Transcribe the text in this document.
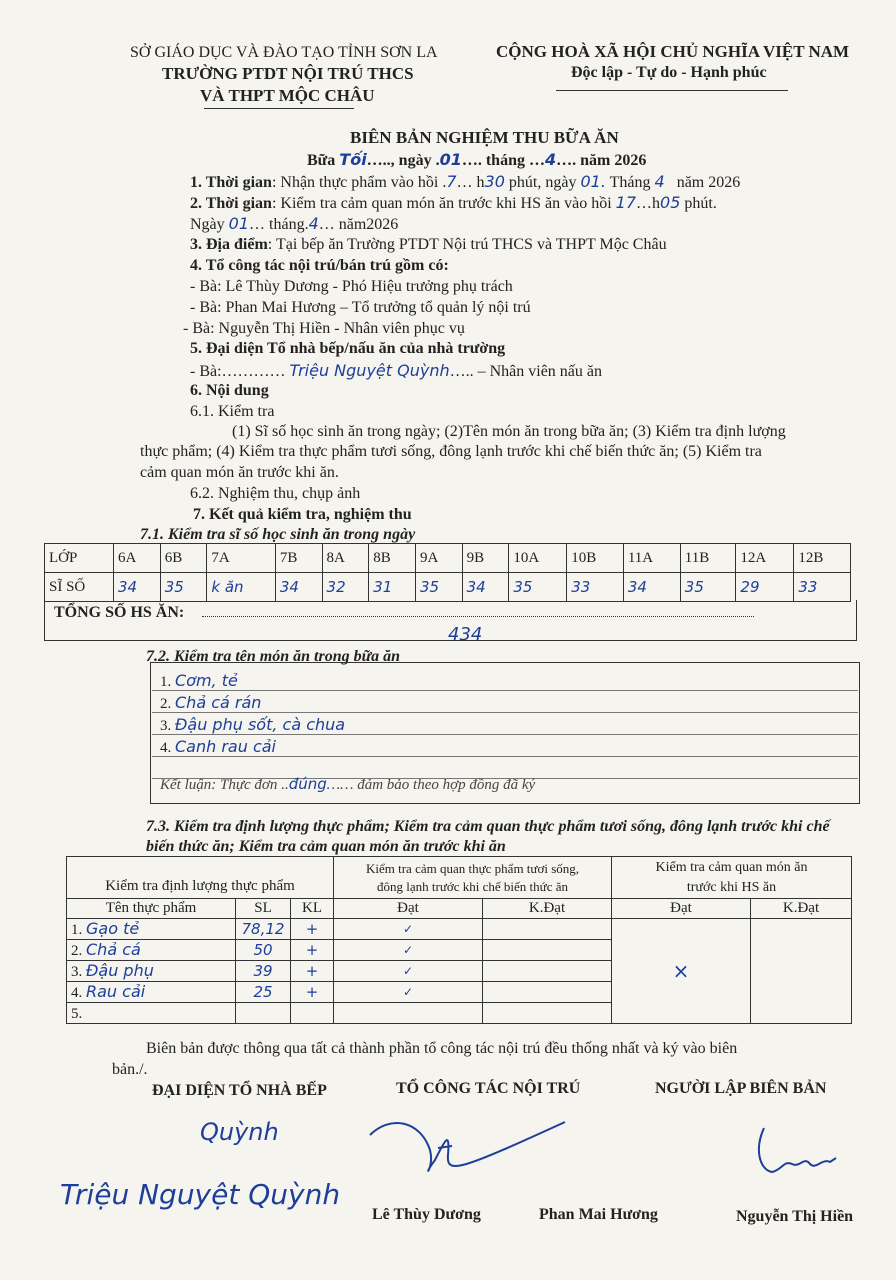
SỞ GIÁO DỤC VÀ ĐÀO TẠO TỈNH SƠN LA
TRƯỜNG PTDT NỘI TRÚ THCS
VÀ THPT MỘC CHÂU
CỘNG HOÀ XÃ HỘI CHỦ NGHĨA VIỆT NAM
Độc lập - Tự do - Hạnh phúc
BIÊN BẢN NGHIỆM THU BỮA ĂN
Bữa Tối….., ngày .01…. tháng …4…. năm 2026
1. Thời gian: Nhận thực phẩm vào hồi .7… h30 phút, ngày 01. Tháng 4 năm 2026
2. Thời gian: Kiểm tra cảm quan món ăn trước khi HS ăn vào hồi 17…h05 phút.
Ngày 01… tháng.4… năm2026
3. Địa điểm: Tại bếp ăn Trường PTDT Nội trú THCS và THPT Mộc Châu
4. Tổ công tác nội trú/bán trú gồm có:
- Bà: Lê Thùy Dương - Phó Hiệu trưởng phụ trách
- Bà: Phan Mai Hương – Tổ trưởng tổ quản lý nội trú
- Bà: Nguyễn Thị Hiền - Nhân viên phục vụ
5. Đại diện Tổ nhà bếp/nấu ăn của nhà trường
- Bà:………… Triệu Nguyệt Quỳnh….. – Nhân viên nấu ăn
6. Nội dung
6.1. Kiểm tra
(1) Sĩ số học sinh ăn trong ngày; (2)Tên món ăn trong bữa ăn; (3) Kiểm tra định lượng
thực phẩm; (4) Kiểm tra thực phẩm tươi sống, đông lạnh trước khi chế biến thức ăn; (5) Kiểm tra
cảm quan món ăn trước khi ăn.
6.2. Nghiệm thu, chụp ảnh
7. Kết quả kiểm tra, nghiệm thu
7.1. Kiểm tra sĩ số học sinh ăn trong ngày
LỚP	6A	6B	7A	7B	8A	8B	9A	9B	10A	10B	11A	11B	12A	12B
SĨ SỐ	34	35	k ăn	34	32	31	35	34	35	33	34	35	29	33
TỔNG SỐ HS ĂN:
434
7.2. Kiểm tra tên món ăn trong bữa ăn
1. Cơm, tẻ
2. Chả cá rán
3. Đậu phụ sốt, cà chua
4. Canh rau cải
Kết luận: Thực đơn ..đúng…… đảm bảo theo hợp đồng đã ký
7.3. Kiểm tra định lượng thực phẩm; Kiểm tra cảm quan thực phẩm tươi sống, đông lạnh trước khi chế
biến thức ăn; Kiểm tra cảm quan món ăn trước khi ăn
Kiểm tra định lượng thực phẩm			Kiểm tra cảm quan thực phẩm tươi sống,
đông lạnh trước khi chế biến thức ăn		Kiểm tra cảm quan món ăn
trước khi HS ăn	
Tên thực phẩm	SL	KL	Đạt	K.Đạt	Đạt	K.Đạt
1. Gạo tẻ	78,12	+	✓		×	
2. Chả cá	50	+	✓			
3. Đậu phụ	39	+	✓			
4. Rau cải	25	+	✓			
5.						
Biên bản được thông qua tất cả thành phần tổ công tác nội trú đều thống nhất và ký vào biên
bản./.
ĐẠI DIỆN TỔ NHÀ BẾP	TỔ CÔNG TÁC NỘI TRÚ	NGƯỜI LẬP BIÊN BẢN
Quỳnh
Triệu Nguyệt Quỳnh
Lê Thùy Dương	Phan Mai Hương	Nguyễn Thị Hiền
